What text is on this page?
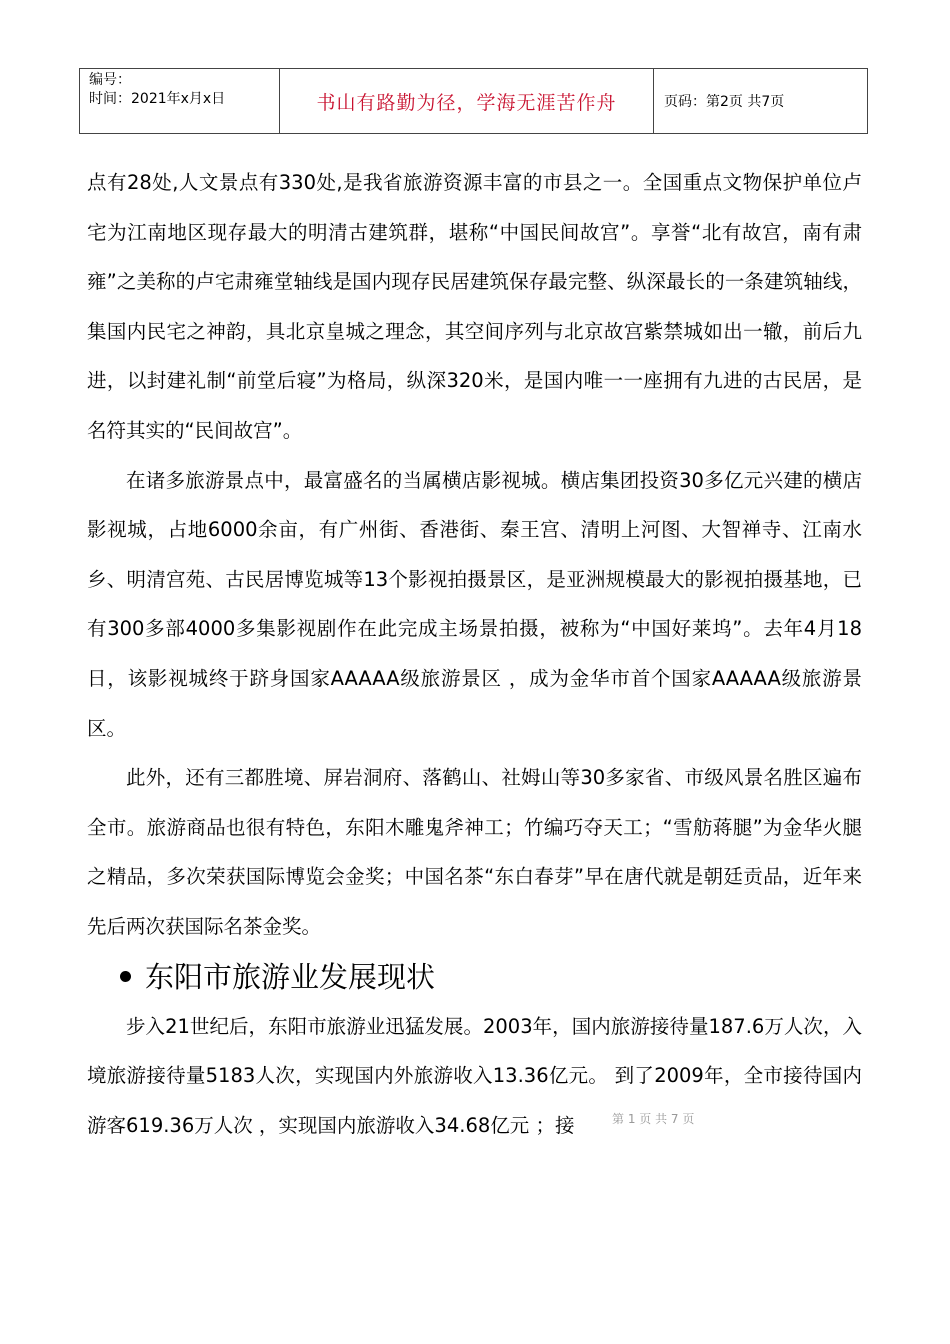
编号：
时间：2021年x月x日	书山有路勤为径，学海无涯苦作舟	页码：第2页 共7页

点有28处,人文景点有330处,是我省旅游资源丰富的市县之一。全国重点文物保护单位卢宅为江南地区现存最大的明清古建筑群，堪称“中国民间故宫”。享誉“北有故宫，南有肃雍”之美称的卢宅肃雍堂轴线是国内现存民居建筑保存最完整、纵深最长的一条建筑轴线，集国内民宅之神韵，具北京皇城之理念，其空间序列与北京故宫紫禁城如出一辙，前后九进，以封建礼制“前堂后寝”为格局，纵深320米，是国内唯一一座拥有九进的古民居，是名符其实的“民间故宫”。

在诸多旅游景点中，最富盛名的当属横店影视城。横店集团投资30多亿元兴建的横店影视城，占地6000余亩，有广州街、香港街、秦王宫、清明上河图、大智禅寺、江南水乡、明清宫苑、古民居博览城等13个影视拍摄景区，是亚洲规模最大的影视拍摄基地，已有300多部4000多集影视剧作在此完成主场景拍摄，被称为“中国好莱坞”。去年4月18日，该影视城终于跻身国家AAAAA级旅游景区 ，成为金华市首个国家AAAAA级旅游景区。

此外，还有三都胜境、屏岩洞府、落鹤山、社姆山等30多家省、市级风景名胜区遍布全市。旅游商品也很有特色，东阳木雕鬼斧神工；竹编巧夺天工；“雪舫蒋腿”为金华火腿之精品，多次荣获国际博览会金奖；中国名茶“东白春芽”早在唐代就是朝廷贡品，近年来先后两次获国际名茶金奖。

东阳市旅游业发展现状

步入21世纪后，东阳市旅游业迅猛发展。2003年，国内旅游接待量187.6万人次，入境旅游接待量5183人次，实现国内外旅游收入13.36亿元。 到了2009年，全市接待国内游客619.36万人次 ，实现国内旅游收入34.68亿元 ；接	第 1 页 共 7 页
